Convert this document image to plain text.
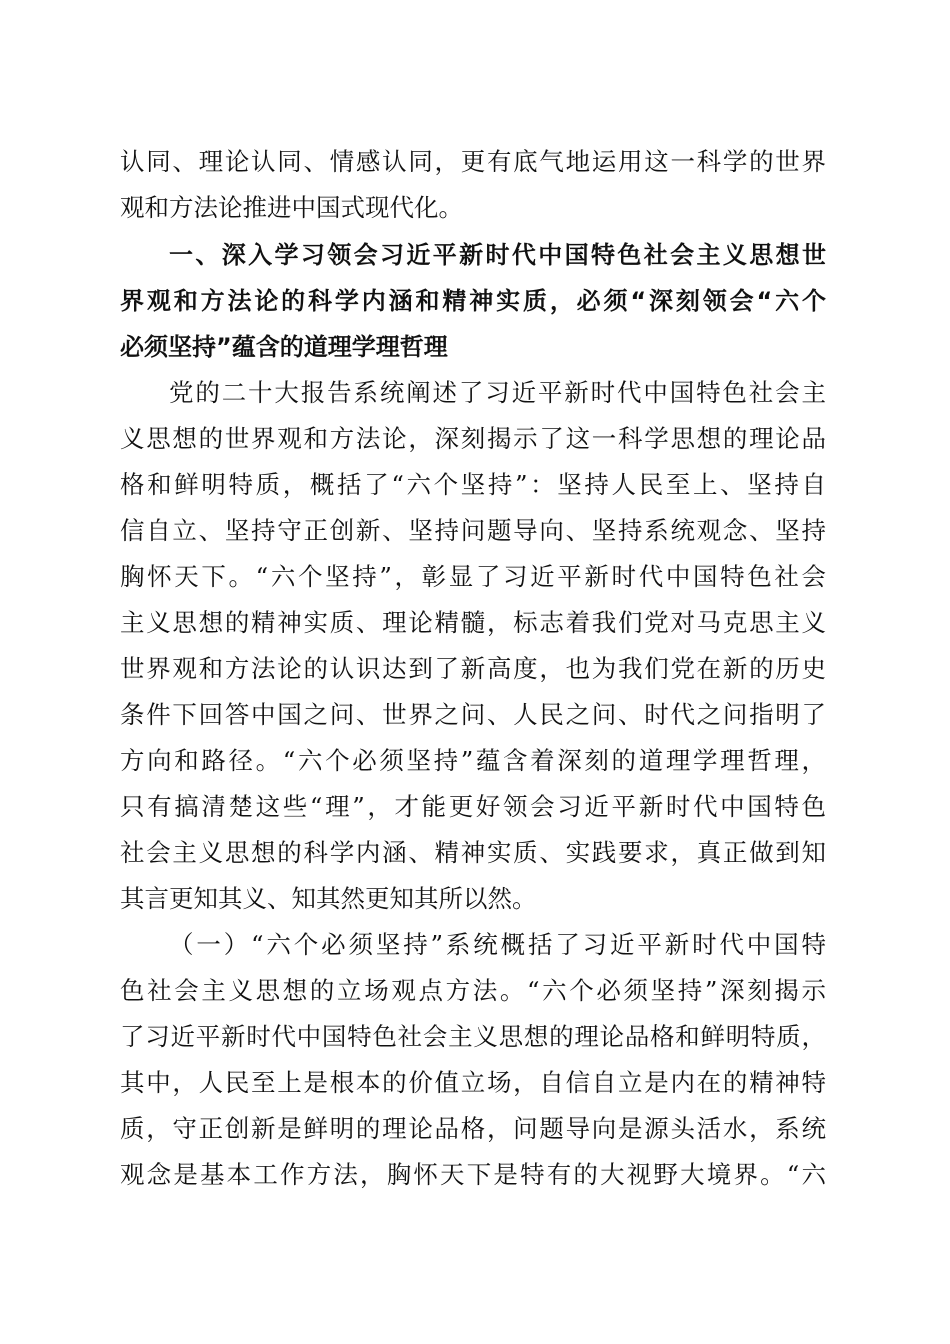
认同、理论认同、情感认同，更有底气地运用这一科学的世界
观和方法论推进中国式现代化。
一、深入学习领会习近平新时代中国特色社会主义思想世
界观和方法论的科学内涵和精神实质，必须“深刻领会“六个
必须坚持”蕴含的道理学理哲理
党的二十大报告系统阐述了习近平新时代中国特色社会主
义思想的世界观和方法论，深刻揭示了这一科学思想的理论品
格和鲜明特质，概括了“六个坚持”：坚持人民至上、坚持自
信自立、坚持守正创新、坚持问题导向、坚持系统观念、坚持
胸怀天下。“六个坚持”，彰显了习近平新时代中国特色社会
主义思想的精神实质、理论精髓，标志着我们党对马克思主义
世界观和方法论的认识达到了新高度，也为我们党在新的历史
条件下回答中国之问、世界之问、人民之问、时代之问指明了
方向和路径。“六个必须坚持”蕴含着深刻的道理学理哲理，
只有搞清楚这些“理”，才能更好领会习近平新时代中国特色
社会主义思想的科学内涵、精神实质、实践要求，真正做到知
其言更知其义、知其然更知其所以然。
（一）“六个必须坚持”系统概括了习近平新时代中国特
色社会主义思想的立场观点方法。“六个必须坚持”深刻揭示
了习近平新时代中国特色社会主义思想的理论品格和鲜明特质，
其中，人民至上是根本的价值立场，自信自立是内在的精神特
质，守正创新是鲜明的理论品格，问题导向是源头活水，系统
观念是基本工作方法，胸怀天下是特有的大视野大境界。“六
